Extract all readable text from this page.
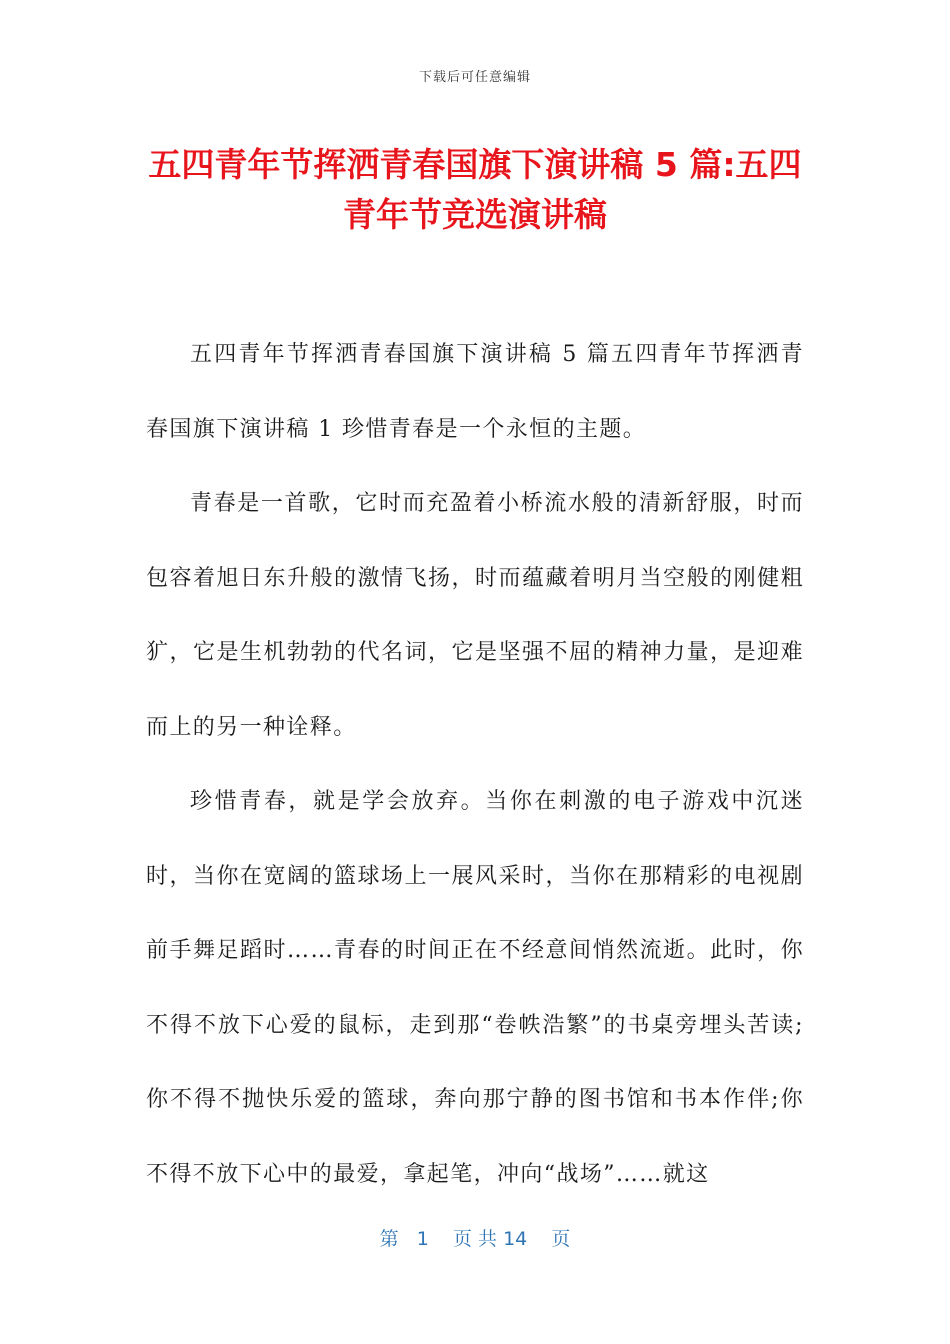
下载后可任意编辑
五四青年节挥洒青春国旗下演讲稿 5 篇:五四青年节竞选演讲稿

五四青年节挥洒青春国旗下演讲稿 5 篇五四青年节挥洒青春国旗下演讲稿 1 珍惜青春是一个永恒的主题。

青春是一首歌，它时而充盈着小桥流水般的清新舒服，时而包容着旭日东升般的激情飞扬，时而蕴藏着明月当空般的刚健粗犷，它是生机勃勃的代名词，它是坚强不屈的精神力量，是迎难而上的另一种诠释。

珍惜青春，就是学会放弃。当你在刺激的电子游戏中沉迷时，当你在宽阔的篮球场上一展风采时，当你在那精彩的电视剧前手舞足蹈时……青春的时间正在不经意间悄然流逝。此时，你不得不放下心爱的鼠标，走到那“卷帙浩繁”的书桌旁埋头苦读;你不得不抛快乐爱的篮球，奔向那宁静的图书馆和书本作伴;你不得不放下心中的最爱，拿起笔，冲向“战场”……就这

第 1 页 共 14 页
